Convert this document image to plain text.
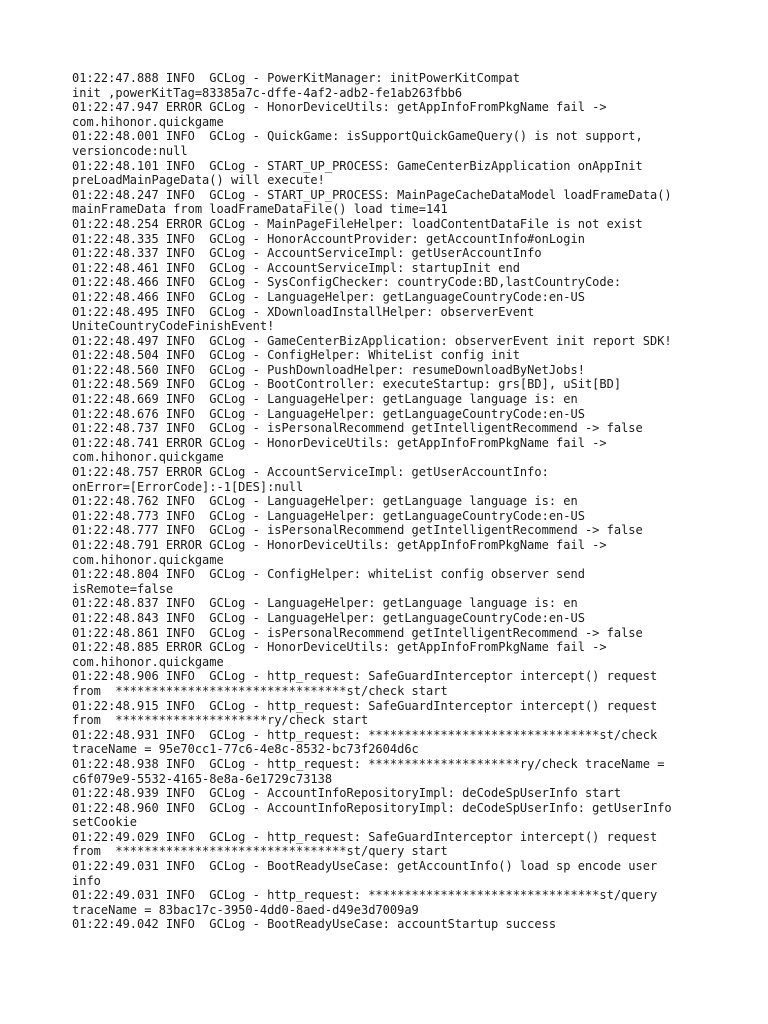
01:22:47.888 INFO  GCLog - PowerKitManager: initPowerKitCompat
init ,powerKitTag=83385a7c-dffe-4af2-adb2-fe1ab263fbb6
01:22:47.947 ERROR GCLog - HonorDeviceUtils: getAppInfoFromPkgName fail ->
com.hihonor.quickgame
01:22:48.001 INFO  GCLog - QuickGame: isSupportQuickGameQuery() is not support,
versioncode:null
01:22:48.101 INFO  GCLog - START_UP_PROCESS: GameCenterBizApplication onAppInit
preLoadMainPageData() will execute!
01:22:48.247 INFO  GCLog - START_UP_PROCESS: MainPageCacheDataModel loadFrameData()
mainFrameData from loadFrameDataFile() load time=141
01:22:48.254 ERROR GCLog - MainPageFileHelper: loadContentDataFile is not exist
01:22:48.335 INFO  GCLog - HonorAccountProvider: getAccountInfo#onLogin
01:22:48.337 INFO  GCLog - AccountServiceImpl: getUserAccountInfo
01:22:48.461 INFO  GCLog - AccountServiceImpl: startupInit end
01:22:48.466 INFO  GCLog - SysConfigChecker: countryCode:BD,lastCountryCode:
01:22:48.466 INFO  GCLog - LanguageHelper: getLanguageCountryCode:en-US
01:22:48.495 INFO  GCLog - XDownloadInstallHelper: observerEvent
UniteCountryCodeFinishEvent!
01:22:48.497 INFO  GCLog - GameCenterBizApplication: observerEvent init report SDK!
01:22:48.504 INFO  GCLog - ConfigHelper: WhiteList config init
01:22:48.560 INFO  GCLog - PushDownloadHelper: resumeDownloadByNetJobs!
01:22:48.569 INFO  GCLog - BootController: executeStartup: grs[BD], uSit[BD]
01:22:48.669 INFO  GCLog - LanguageHelper: getLanguage language is: en
01:22:48.676 INFO  GCLog - LanguageHelper: getLanguageCountryCode:en-US
01:22:48.737 INFO  GCLog - isPersonalRecommend getIntelligentRecommend -> false
01:22:48.741 ERROR GCLog - HonorDeviceUtils: getAppInfoFromPkgName fail ->
com.hihonor.quickgame
01:22:48.757 ERROR GCLog - AccountServiceImpl: getUserAccountInfo:
onError=[ErrorCode]:-1[DES]:null
01:22:48.762 INFO  GCLog - LanguageHelper: getLanguage language is: en
01:22:48.773 INFO  GCLog - LanguageHelper: getLanguageCountryCode:en-US
01:22:48.777 INFO  GCLog - isPersonalRecommend getIntelligentRecommend -> false
01:22:48.791 ERROR GCLog - HonorDeviceUtils: getAppInfoFromPkgName fail ->
com.hihonor.quickgame
01:22:48.804 INFO  GCLog - ConfigHelper: whiteList config observer send
isRemote=false
01:22:48.837 INFO  GCLog - LanguageHelper: getLanguage language is: en
01:22:48.843 INFO  GCLog - LanguageHelper: getLanguageCountryCode:en-US
01:22:48.861 INFO  GCLog - isPersonalRecommend getIntelligentRecommend -> false
01:22:48.885 ERROR GCLog - HonorDeviceUtils: getAppInfoFromPkgName fail ->
com.hihonor.quickgame
01:22:48.906 INFO  GCLog - http_request: SafeGuardInterceptor intercept() request
from  ********************************st/check start
01:22:48.915 INFO  GCLog - http_request: SafeGuardInterceptor intercept() request
from  *********************ry/check start
01:22:48.931 INFO  GCLog - http_request: ********************************st/check
traceName = 95e70cc1-77c6-4e8c-8532-bc73f2604d6c
01:22:48.938 INFO  GCLog - http_request: *********************ry/check traceName =
c6f079e9-5532-4165-8e8a-6e1729c73138
01:22:48.939 INFO  GCLog - AccountInfoRepositoryImpl: deCodeSpUserInfo start
01:22:48.960 INFO  GCLog - AccountInfoRepositoryImpl: deCodeSpUserInfo: getUserInfo
setCookie
01:22:49.029 INFO  GCLog - http_request: SafeGuardInterceptor intercept() request
from  ********************************st/query start
01:22:49.031 INFO  GCLog - BootReadyUseCase: getAccountInfo() load sp encode user
info
01:22:49.031 INFO  GCLog - http_request: ********************************st/query
traceName = 83bac17c-3950-4dd0-8aed-d49e3d7009a9
01:22:49.042 INFO  GCLog - BootReadyUseCase: accountStartup success
